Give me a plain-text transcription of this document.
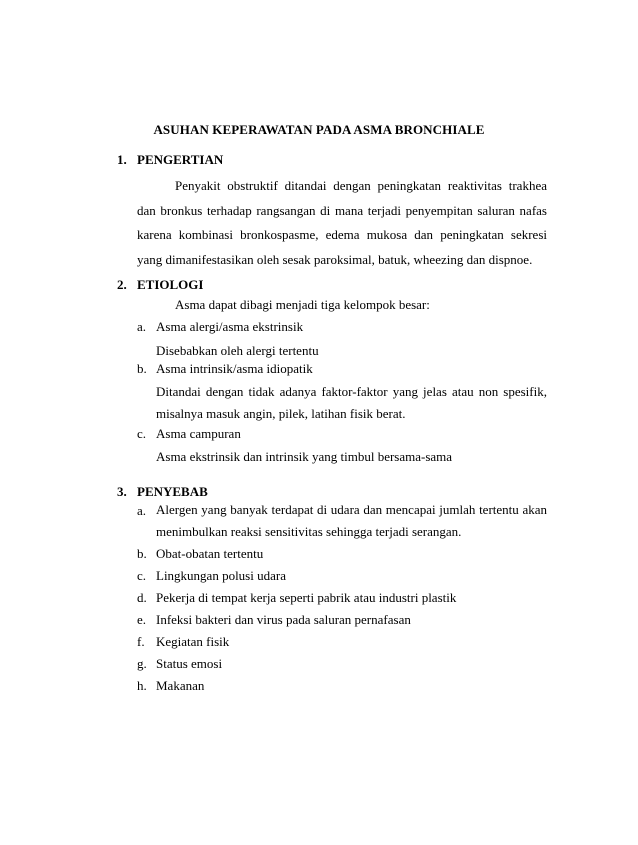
ASUHAN KEPERAWATAN PADA ASMA BRONCHIALE
1. PENGERTIAN
Penyakit obstruktif ditandai dengan peningkatan reaktivitas trakhea dan bronkus terhadap rangsangan di mana terjadi penyempitan saluran nafas karena kombinasi bronkospasme, edema mukosa dan peningkatan sekresi yang dimanifestasikan oleh sesak paroksimal, batuk, wheezing dan dispnoe.
2. ETIOLOGI
Asma dapat dibagi menjadi tiga kelompok besar:
a. Asma alergi/asma ekstrinsik
Disebabkan oleh alergi tertentu
b. Asma intrinsik/asma idiopatik
Ditandai dengan tidak adanya faktor-faktor yang jelas atau non spesifik, misalnya masuk angin, pilek, latihan fisik berat.
c. Asma campuran
Asma ekstrinsik dan intrinsik yang timbul bersama-sama
3. PENYEBAB
a. Alergen yang banyak terdapat di udara dan mencapai jumlah tertentu akan menimbulkan reaksi sensitivitas sehingga terjadi serangan.
b. Obat-obatan tertentu
c. Lingkungan polusi udara
d. Pekerja di tempat kerja seperti pabrik atau industri plastik
e. Infeksi bakteri dan virus pada saluran pernafasan
f. Kegiatan fisik
g. Status emosi
h. Makanan
